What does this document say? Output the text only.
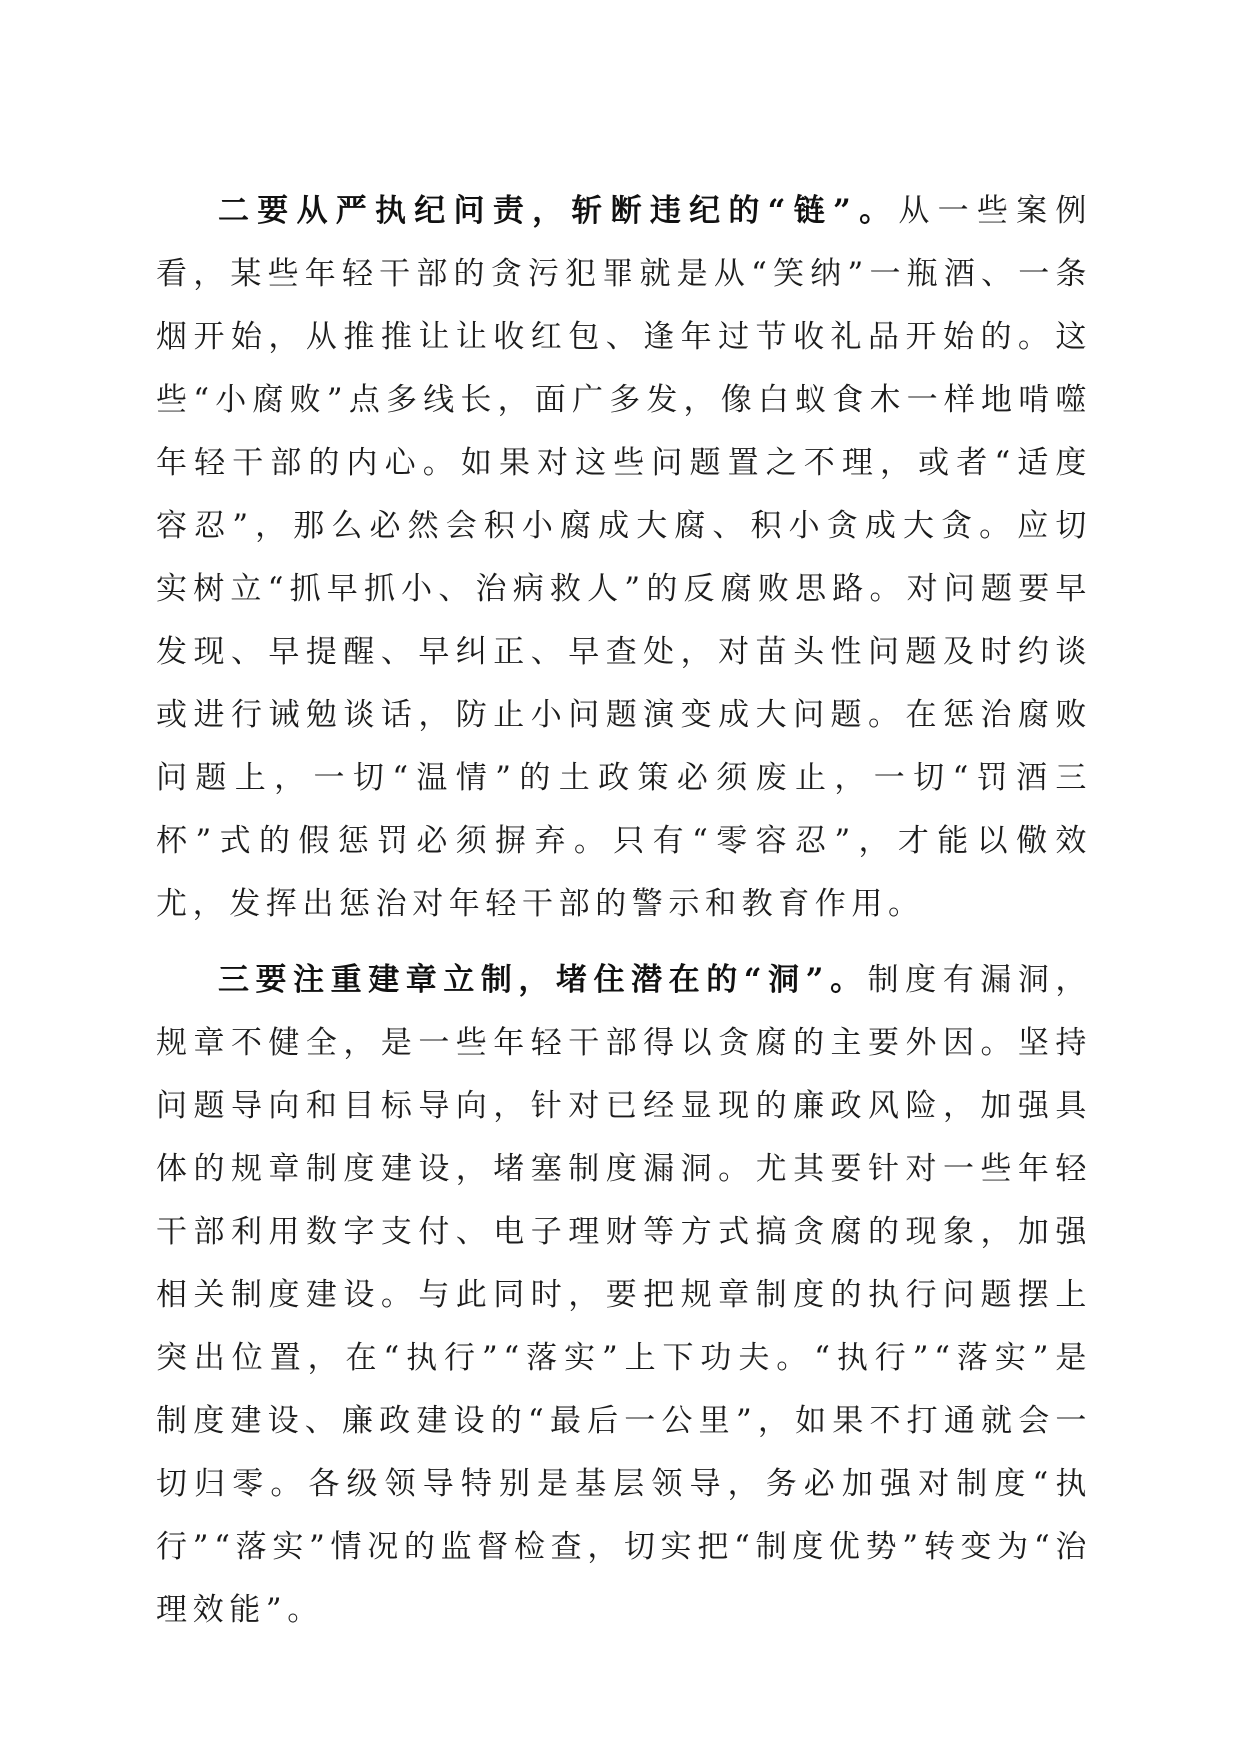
二要从严执纪问责，斩断违纪的“链”。从一些案例看，某些年轻干部的贪污犯罪就是从“笑纳”一瓶酒、一条烟开始，从推推让让收红包、逢年过节收礼品开始的。这些“小腐败”点多线长，面广多发，像白蚁食木一样地啃噬年轻干部的内心。如果对这些问题置之不理，或者“适度容忍”，那么必然会积小腐成大腐、积小贪成大贪。应切实树立“抓早抓小、治病救人”的反腐败思路。对问题要早发现、早提醒、早纠正、早查处，对苗头性问题及时约谈或进行诫勉谈话，防止小问题演变成大问题。在惩治腐败问题上，一切“温情”的土政策必须废止，一切“罚酒三杯”式的假惩罚必须摒弃。只有“零容忍”，才能以儆效尤，发挥出惩治对年轻干部的警示和教育作用。

三要注重建章立制，堵住潜在的“洞”。制度有漏洞，规章不健全，是一些年轻干部得以贪腐的主要外因。坚持问题导向和目标导向，针对已经显现的廉政风险，加强具体的规章制度建设，堵塞制度漏洞。尤其要针对一些年轻干部利用数字支付、电子理财等方式搞贪腐的现象，加强相关制度建设。与此同时，要把规章制度的执行问题摆上突出位置，在“执行”“落实”上下功夫。“执行”“落实”是制度建设、廉政建设的“最后一公里”，如果不打通就会一切归零。各级领导特别是基层领导，务必加强对制度“执行”“落实”情况的监督检查，切实把“制度优势”转变为“治理效能”。
